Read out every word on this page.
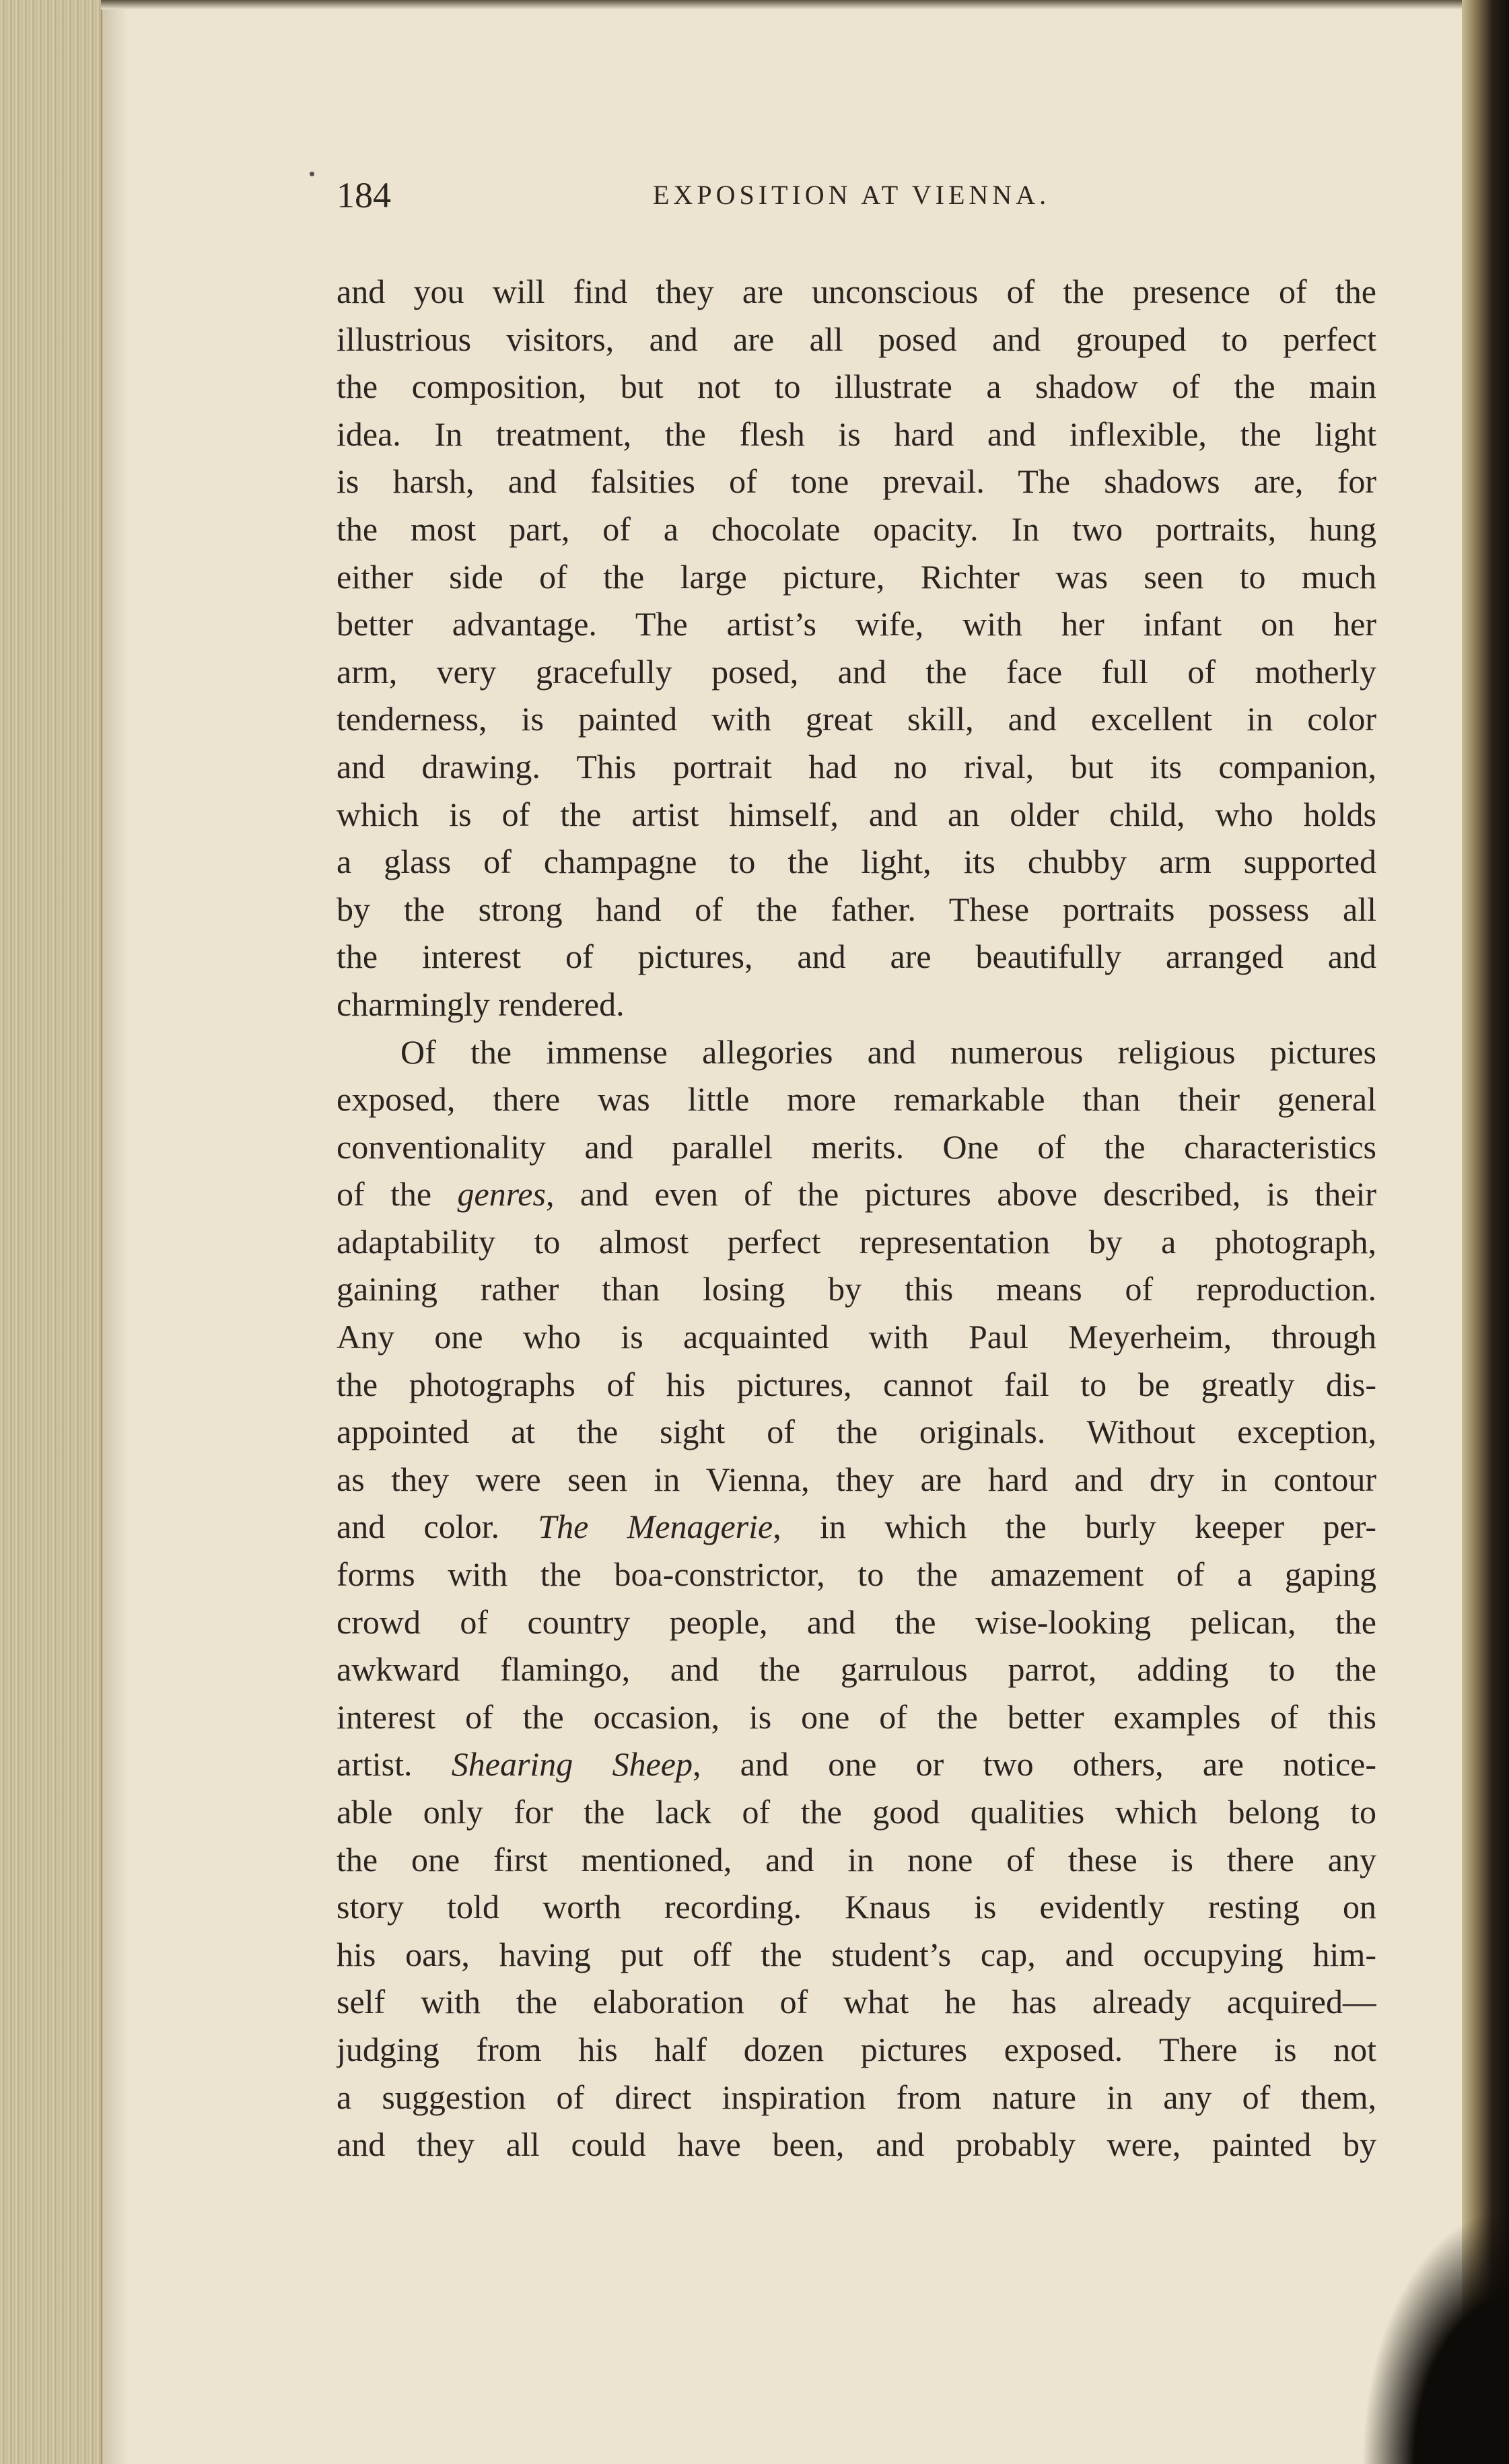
184	EXPOSITION AT VIENNA.
and you will find they are unconscious of the presence of the
illustrious visitors, and are all posed and grouped to perfect
the composition, but not to illustrate a shadow of the main
idea. In treatment, the flesh is hard and inflexible, the light
is harsh, and falsities of tone prevail. The shadows are, for
the most part, of a chocolate opacity. In two portraits, hung
either side of the large picture, Richter was seen to much
better advantage. The artist’s wife, with her infant on her
arm, very gracefully posed, and the face full of motherly
tenderness, is painted with great skill, and excellent in color
and drawing. This portrait had no rival, but its companion,
which is of the artist himself, and an older child, who holds
a glass of champagne to the light, its chubby arm supported
by the strong hand of the father. These portraits possess all
the interest of pictures, and are beautifully arranged and
charmingly rendered.
Of the immense allegories and numerous religious pictures
exposed, there was little more remarkable than their general
conventionality and parallel merits. One of the characteristics
of the genres, and even of the pictures above described, is their
adaptability to almost perfect representation by a photograph,
gaining rather than losing by this means of reproduction.
Any one who is acquainted with Paul Meyerheim, through
the photographs of his pictures, cannot fail to be greatly dis-
appointed at the sight of the originals. Without exception,
as they were seen in Vienna, they are hard and dry in contour
and color. The Menagerie, in which the burly keeper per-
forms with the boa-constrictor, to the amazement of a gaping
crowd of country people, and the wise-looking pelican, the
awkward flamingo, and the garrulous parrot, adding to the
interest of the occasion, is one of the better examples of this
artist. Shearing Sheep, and one or two others, are notice-
able only for the lack of the good qualities which belong to
the one first mentioned, and in none of these is there any
story told worth recording. Knaus is evidently resting on
his oars, having put off the student’s cap, and occupying him-
self with the elaboration of what he has already acquired—
judging from his half dozen pictures exposed. There is not
a suggestion of direct inspiration from nature in any of them,
and they all could have been, and probably were, painted by
